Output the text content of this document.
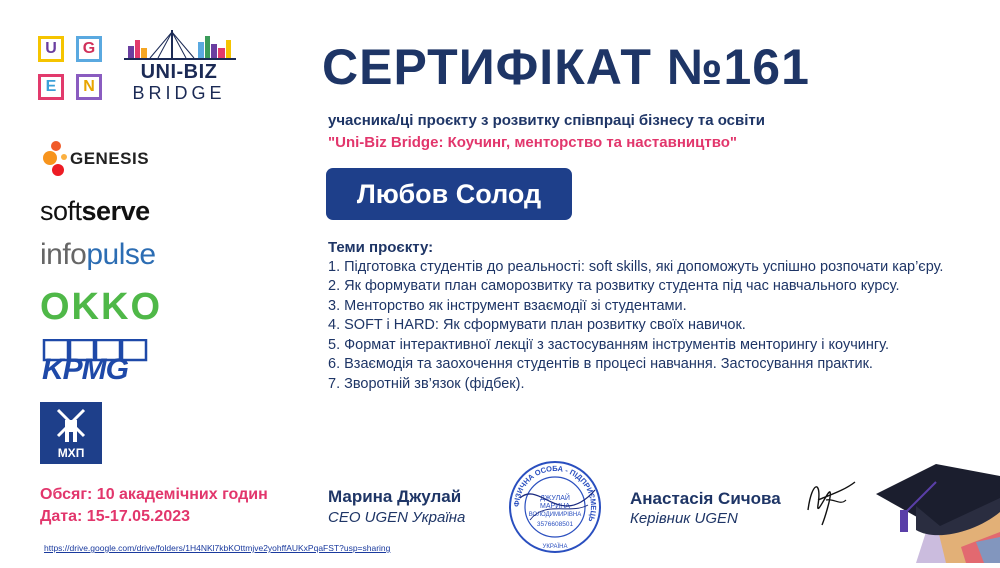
U	G
E	N
UNI-BIZ
BRIDGE
GENESIS
softserve
infopulse
OKKO
KPMG
МХП
СЕРТИФІКАТ №161
учасника/ці проєкту з розвитку співпраці бізнесу та освіти
"Uni-Biz Bridge: Коучинг, менторство та наставництво"
Любов Солод
Теми проєкту:

1. Підготовка студентів до реальності: soft skills, які допоможуть успішно розпочати кар’єру.

2. Як формувати план саморозвитку та розвитку студента під час навчального курсу.

3. Менторство як інструмент взаємодії зі студентами.

4. SOFT і HARD: Як сформувати план розвитку своїх навичок.

5. Формат інтерактивної лекції з застосуванням інструментів менторингу і коучингу.

6. Взаємодія та заохочення студентів в процесі навчання. Застосування практик.

7. Зворотній зв’язок (фідбек).

Обсяг: 10 академічних годин
Дата: 15-17.05.2023
https://drive.google.com/drive/folders/1H4NKl7kbKOttmjve2yohffAUKxPqaFST?usp=sharing
Марина Джулай
CEO UGEN Україна
Анастасія Сичова
Керівник UGEN
ФІЗИЧНА ОСОБА - ПІДПРИЄМЕЦЬ
ДЖУЛАЙ
МАРИНА
ВОЛОДИМИРІВНА
3576608501
УКРАЇНА
